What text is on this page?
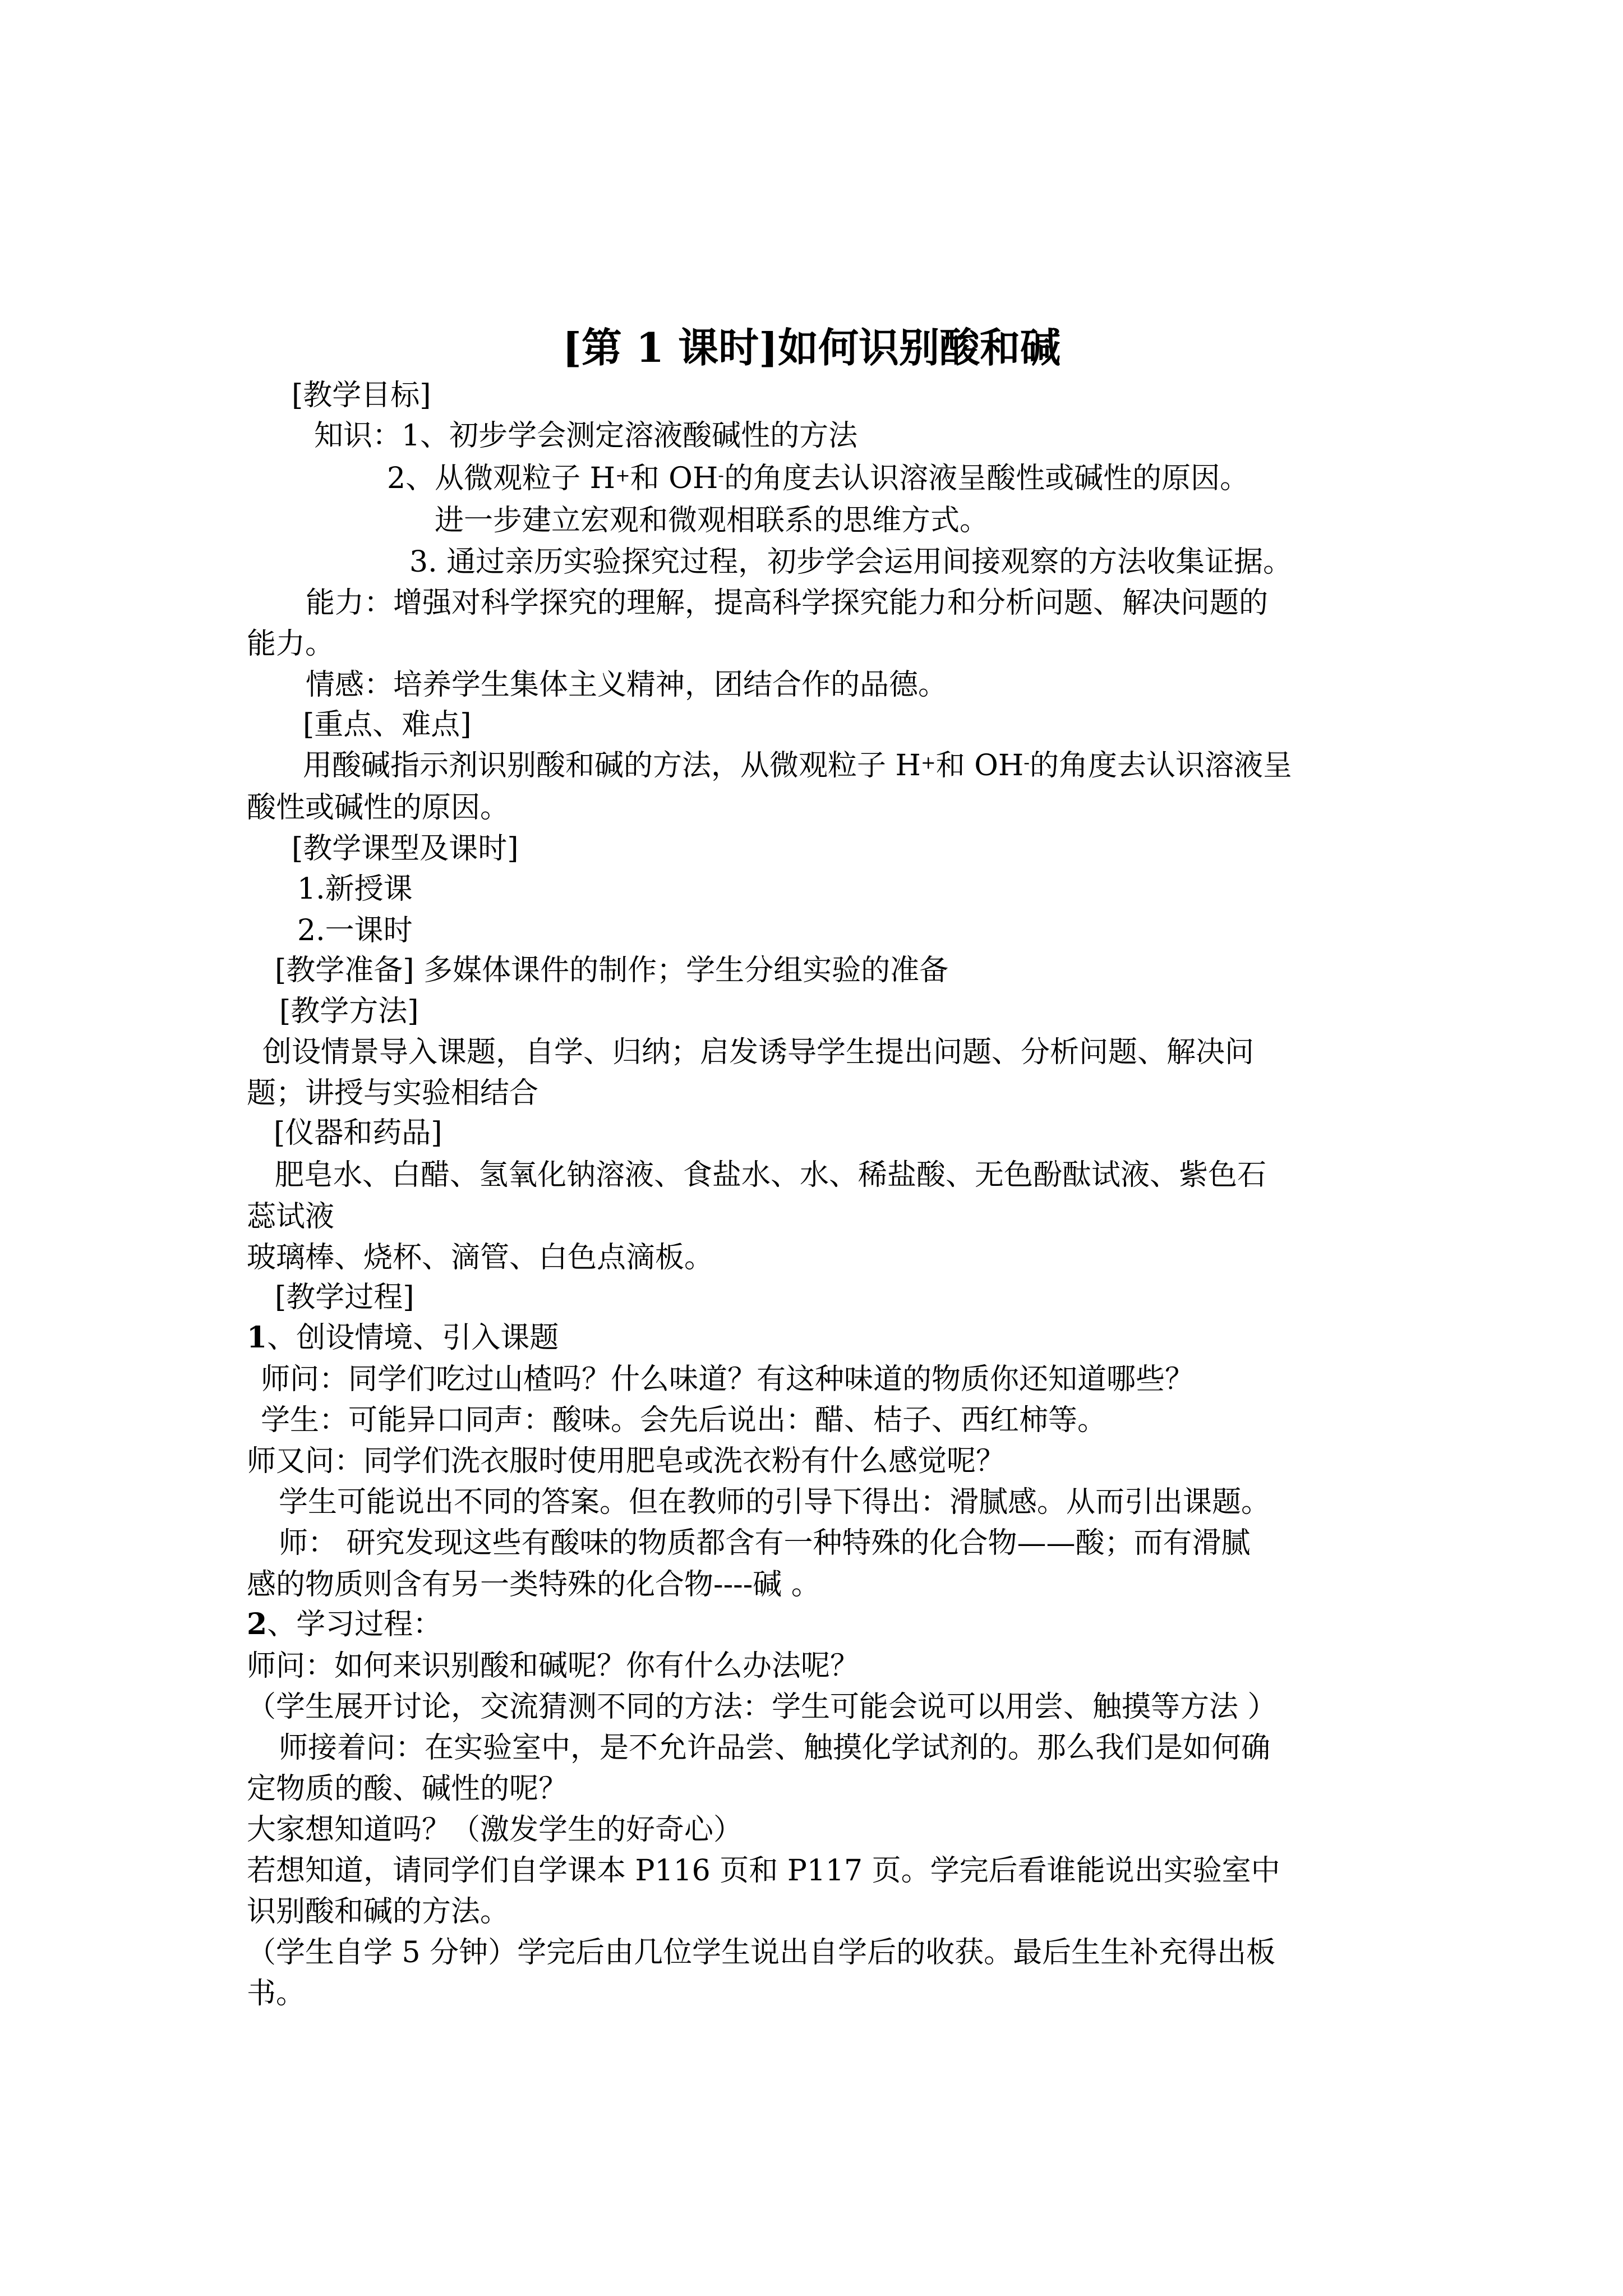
[第 1 课时]如何识别酸和碱
[教学目标]
知识：1、初步学会测定溶液酸碱性的方法
2、从微观粒子 H+和 OH-的角度去认识溶液呈酸性或碱性的原因。
进一步建立宏观和微观相联系的思维方式。
3. 通过亲历实验探究过程，初步学会运用间接观察的方法收集证据。
能力：增强对科学探究的理解，提高科学探究能力和分析问题、解决问题的
能力。
情感：培养学生集体主义精神，团结合作的品德。
[重点、难点]
用酸碱指示剂识别酸和碱的方法，从微观粒子 H+和 OH-的角度去认识溶液呈
酸性或碱性的原因。
[教学课型及课时]
1.新授课
2.一课时
[教学准备] 多媒体课件的制作；学生分组实验的准备
[教学方法]
创设情景导入课题，自学、归纳；启发诱导学生提出问题、分析问题、解决问
题；讲授与实验相结合
[仪器和药品]
肥皂水、白醋、氢氧化钠溶液、食盐水、水、稀盐酸、无色酚酞试液、紫色石
蕊试液
玻璃棒、烧杯、滴管、白色点滴板。
[教学过程]
1、创设情境、引入课题
师问：同学们吃过山楂吗？什么味道？有这种味道的物质你还知道哪些？
学生：可能异口同声：酸味。会先后说出：醋、桔子、西红柿等。
师又问：同学们洗衣服时使用肥皂或洗衣粉有什么感觉呢？
学生可能说出不同的答案。但在教师的引导下得出：滑腻感。从而引出课题。
师： 研究发现这些有酸味的物质都含有一种特殊的化合物——酸；而有滑腻
感的物质则含有另一类特殊的化合物----碱 。
2、学习过程：
师问：如何来识别酸和碱呢？你有什么办法呢？
（学生展开讨论，交流猜测不同的方法：学生可能会说可以用尝、触摸等方法 ）
师接着问：在实验室中，是不允许品尝、触摸化学试剂的。那么我们是如何确
定物质的酸、碱性的呢？
大家想知道吗？（激发学生的好奇心）
若想知道，请同学们自学课本 P116 页和 P117 页。学完后看谁能说出实验室中
识别酸和碱的方法。
（学生自学 5 分钟）学完后由几位学生说出自学后的收获。最后生生补充得出板
书。
